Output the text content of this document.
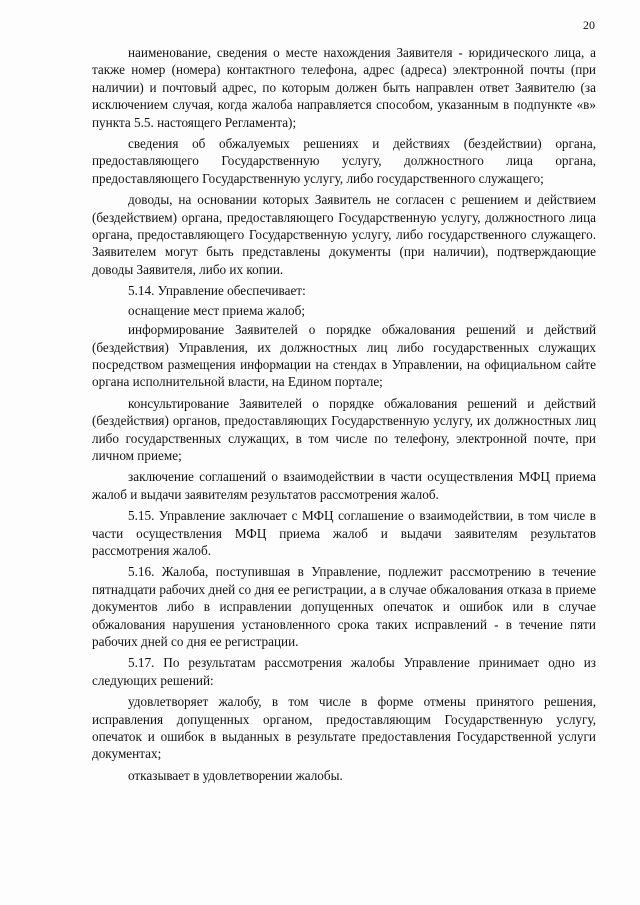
20

наименование, сведения о месте нахождения Заявителя - юридического лица, а также номер (номера) контактного телефона, адрес (адреса) электронной почты (при наличии) и почтовый адрес, по которым должен быть направлен ответ Заявителю (за исключением случая, когда жалоба направляется способом, указанным в подпункте «в» пункта 5.5. настоящего Регламента);

сведения об обжалуемых решениях и действиях (бездействии) органа, предоставляющего Государственную услугу, должностного лица органа, предоставляющего Государственную услугу, либо государственного служащего;

доводы, на основании которых Заявитель не согласен с решением и действием (бездействием) органа, предоставляющего Государственную услугу, должностного лица органа, предоставляющего Государственную услугу, либо государственного служащего. Заявителем могут быть представлены документы (при наличии), подтверждающие доводы Заявителя, либо их копии.

5.14. Управление обеспечивает:

оснащение мест приема жалоб;

информирование Заявителей о порядке обжалования решений и действий (бездействия) Управления, их должностных лиц либо государственных служащих посредством размещения информации на стендах в Управлении, на официальном сайте органа исполнительной власти, на Едином портале;

консультирование Заявителей о порядке обжалования решений и действий (бездействия) органов, предоставляющих Государственную услугу, их должностных лиц либо государственных служащих, в том числе по телефону, электронной почте, при личном приеме;

заключение соглашений о взаимодействии в части осуществления МФЦ приема жалоб и выдачи заявителям результатов рассмотрения жалоб.

5.15. Управление заключает с МФЦ соглашение о взаимодействии, в том числе в части осуществления МФЦ приема жалоб и выдачи заявителям результатов рассмотрения жалоб.

5.16. Жалоба, поступившая в Управление, подлежит рассмотрению в течение пятнадцати рабочих дней со дня ее регистрации, а в случае обжалования отказа в приеме документов либо в исправлении допущенных опечаток и ошибок или в случае обжалования нарушения установленного срока таких исправлений - в течение пяти рабочих дней со дня ее регистрации.

5.17. По результатам рассмотрения жалобы Управление принимает одно из следующих решений:

удовлетворяет жалобу, в том числе в форме отмены принятого решения, исправления допущенных органом, предоставляющим Государственную услугу, опечаток и ошибок в выданных в результате предоставления Государственной услуги документах;

отказывает в удовлетворении жалобы.
